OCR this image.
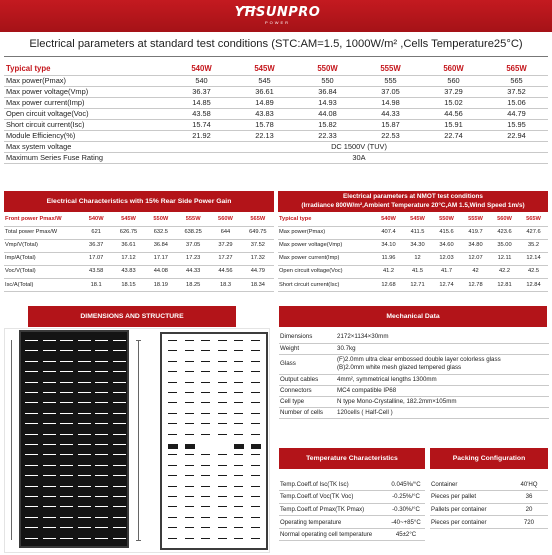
YHSUNPRO
POWER
Electrical parameters at standard test conditions (STC:AM=1.5, 1000W/m² ,Cells Temperature25°C)
Typical type	540W	545W	550W	555W	560W	565W
Max power(Pmax)	540	545	550	555	560	565
Max power voltage(Vmp)	36.37	36.61	36.84	37.05	37.29	37.52
Max power current(Imp)	14.85	14.89	14.93	14.98	15.02	15.06
Open circuit voltage(Voc)	43.58	43.83	44.08	44.33	44.56	44.79
Short circuit current(Isc)	15.74	15.78	15.82	15.87	15.91	15.95
Module Efficiency(%)	21.92	22.13	22.33	22.53	22.74	22.94
Max system voltage	DC 1500V (TUV)					
Maximum Series Fuse Rating	30A					
Electrical Characteristics with 15% Rear Side Power Gain
Front power Pmax/W	540W	545W	550W	555W	560W	565W
Total power Pmax/W	621	626.75	632.5	638.25	644	649.75
Vmp/V(Total)	36.37	36.61	36.84	37.05	37.29	37.52
Imp/A(Total)	17.07	17.12	17.17	17.23	17.27	17.32
Voc/V(Total)	43.58	43.83	44.08	44.33	44.56	44.79
Isc/A(Total)	18.1	18.15	18.19	18.25	18.3	18.34
Electrical parameters at NMOT test conditions
(Irradiance 800W/m²,Ambient Temperature 20°C,AM 1.5,Wind Speed 1m/s)
Typical type	540W	545W	550W	555W	560W	565W
Max power(Pmax)	407.4	411.5	415.6	419.7	423.6	427.6
Max power voltage(Vmp)	34.10	34.30	34.60	34.80	35.00	35.2
Max power current(Imp)	11.96	12	12.03	12.07	12.11	12.14
Open circuit voltage(Voc)	41.2	41.5	41.7	42	42.2	42.5
Short circuit current(Isc)	12.68	12.71	12.74	12.78	12.81	12.84
DIMENSIONS AND STRUCTURE	Mechanical Data
Dimensions	2172×1134×30mm
Weight	30.7kg
Glass	(F)2.0mm ultra clear embossed double layer colorless glass
(B)2.0mm white mesh glazed tempered glass
Output cables	4mm², symmetrical lengths 1300mm
Connectors	MC4 compatible IP68
Cell type	N type Mono-Crystalline, 182.2mm×105mm
Number of cells	120cells ( Half-Cell )
Temperature Characteristics
Temp.Coeff.of Isc(TK Isc)	0.045%/°C
Temp.Coeff.of Voc(TK Voc)	-0.25%/°C
Temp.Coeff.of Pmax(TK Pmax)	-0.30%/°C
Operating temperature	-40~+85°C
Normal operating cell temperature	45±2°C
Packing Configuration
Container	40'HQ
Pieces per pallet	36
Pallets per container	20
Pieces per container	720
